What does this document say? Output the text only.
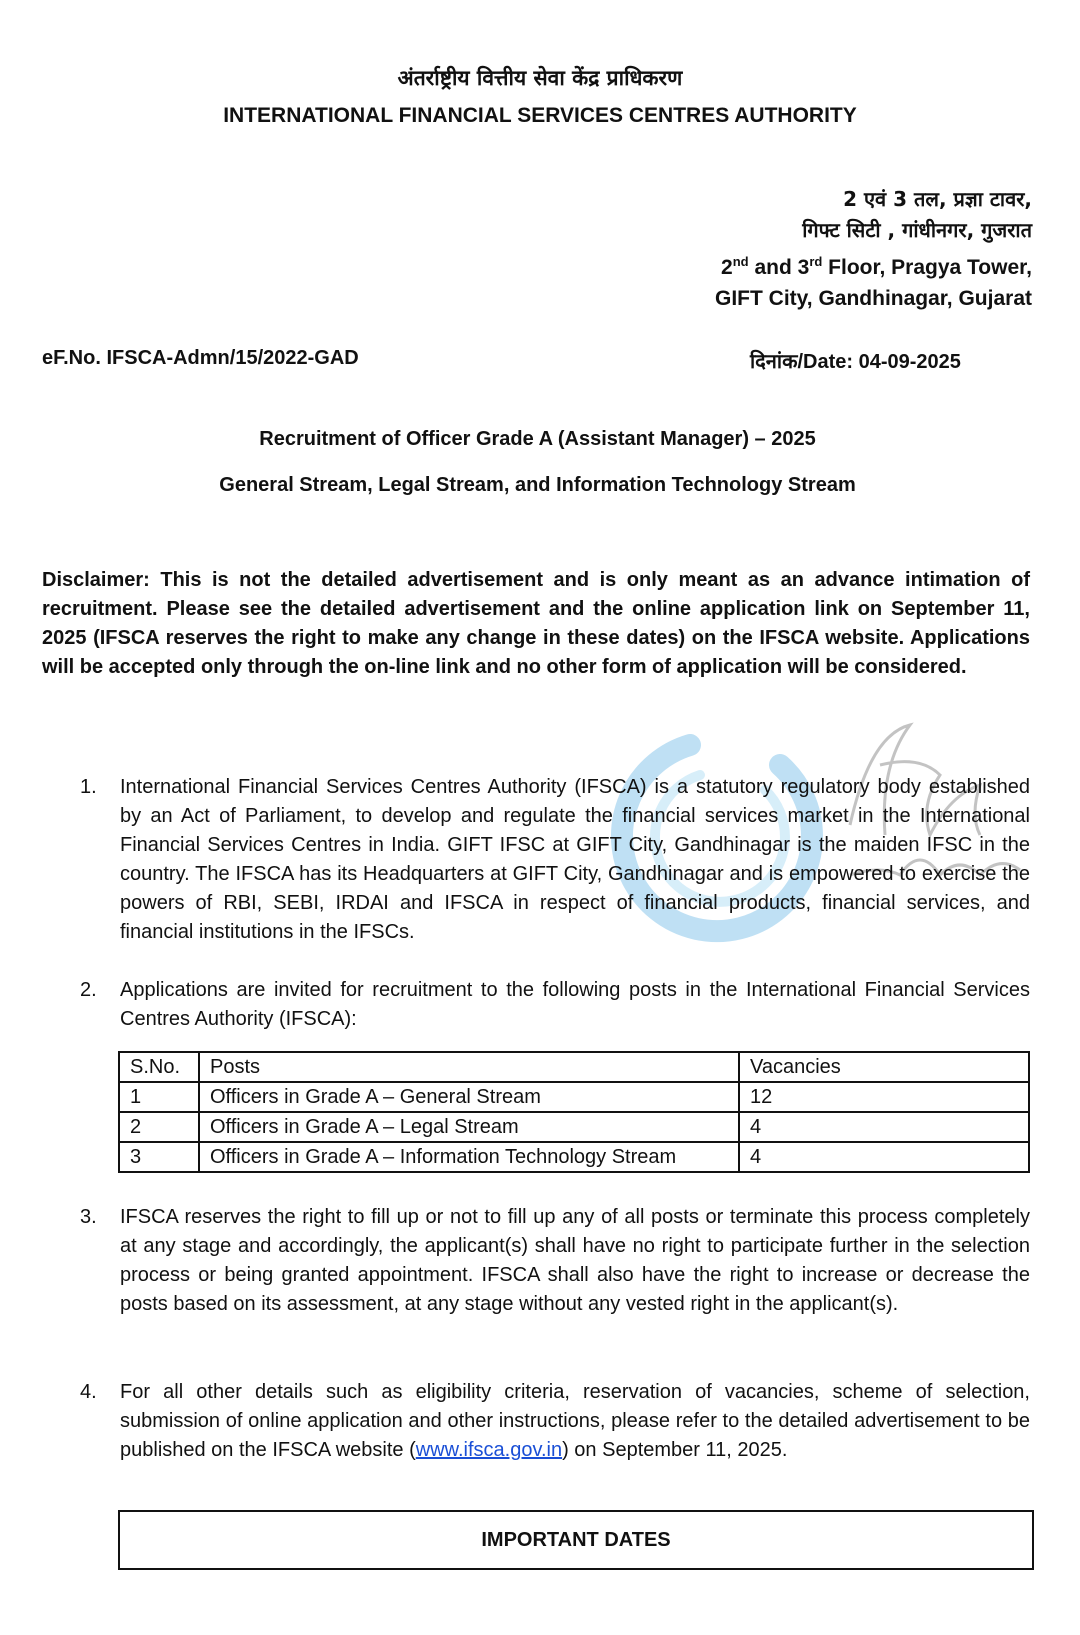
अंतर्राष्ट्रीय वित्तीय सेवा केंद्र प्राधिकरण
INTERNATIONAL FINANCIAL SERVICES CENTRES AUTHORITY
2 एवं 3 तल, प्रज्ञा टावर,
गिफ्ट सिटी , गांधीनगर, गुजरात
2nd and 3rd Floor, Pragya Tower,
GIFT City, Gandhinagar, Gujarat
eF.No. IFSCA-Admn/15/2022-GAD	दिनांक/Date: 04-09-2025
Recruitment of Officer Grade A (Assistant Manager) – 2025
General Stream, Legal Stream, and Information Technology Stream
Disclaimer: This is not the detailed advertisement and is only meant as an advance intimation of recruitment. Please see the detailed advertisement and the online application link on September 11, 2025 (IFSCA reserves the right to make any change in these dates) on the IFSCA website. Applications will be accepted only through the on-line link and no other form of application will be considered.
1.	International Financial Services Centres Authority (IFSCA) is a statutory regulatory body established by an Act of Parliament, to develop and regulate the financial services market in the International Financial Services Centres in India. GIFT IFSC at GIFT City, Gandhinagar is the maiden IFSC in the country. The IFSCA has its Headquarters at GIFT City, Gandhinagar and is empowered to exercise the powers of RBI, SEBI, IRDAI and IFSCA in respect of financial products, financial services, and financial institutions in the IFSCs.
2.	Applications are invited for recruitment to the following posts in the International Financial Services Centres Authority (IFSCA):
S.No.	Posts	Vacancies
1	Officers in Grade A – General Stream	12
2	Officers in Grade A – Legal Stream	4
3	Officers in Grade A – Information Technology Stream	4
3.	IFSCA reserves the right to fill up or not to fill up any of all posts or terminate this process completely at any stage and accordingly, the applicant(s) shall have no right to participate further in the selection process or being granted appointment. IFSCA shall also have the right to increase or decrease the posts based on its assessment, at any stage without any vested right in the applicant(s).
4.	For all other details such as eligibility criteria, reservation of vacancies, scheme of selection, submission of online application and other instructions, please refer to the detailed advertisement to be published on the IFSCA website (www.ifsca.gov.in) on September 11, 2025.
IMPORTANT DATES
